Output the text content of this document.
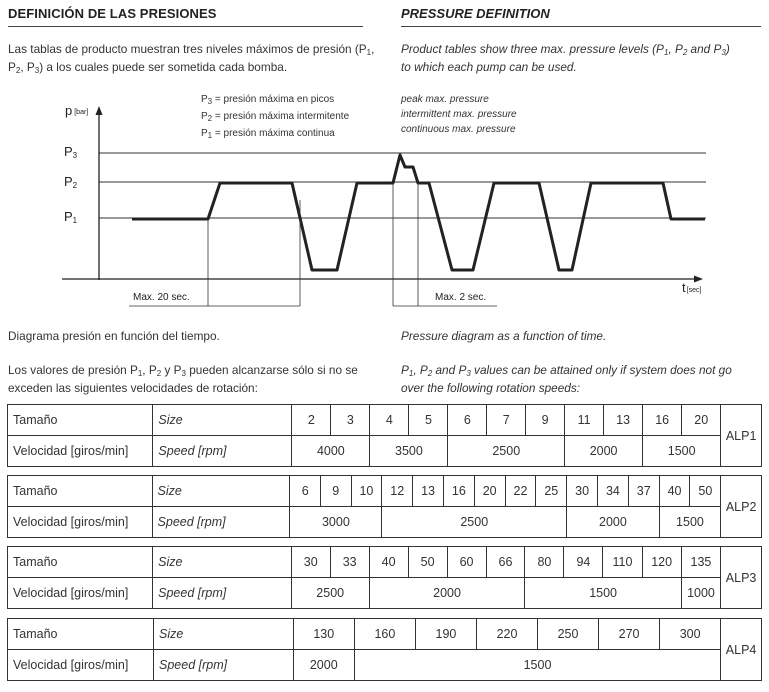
DEFINICIÓN DE LAS PRESIONES	PRESSURE DEFINITION
Las tablas de producto muestran tres niveles máximos de presión ($P_1$,
$P_2$, $P_3$) a los cuales puede ser sometida cada bomba.
Product tables show three max. pressure levels ($P_1$, $P_2$ and $P_3$)
to which each pump can be used.
$P_3$ = presión máxima en picos
$P_2$ = presión máxima intermitente
$P_1$ = presión máxima continua
peak max. pressure
intermittent max. pressure
continuous max. pressure
p [bar]
$P_3$
$P_2$
$P_1$
t[sec]
Max. 20 sec.	Max. 2 sec.
Diagrama presión en función del tiempo.	Pressure diagram as a function of time.
Los valores de presión $P_1$, $P_2$ y $P_3$ pueden alcanzarse sólo si no se
exceden las siguientes velocidades de rotación:
$P_1$, $P_2$ and $P_3$ values can be attained only if system does not go
over the following rotation speeds:
Tamaño	Size	2	3	4	5	6	7	9	11	13	16	20	ALP1
Velocidad [giros/min]	Speed [rpm]	4000		3500		2500			2000		1500		
Tamaño	Size	6	9	10	12	13	16	20	22	25	30	34	37	40	50	ALP2
Velocidad [giros/min]	Speed [rpm]	3000			2500						2000			1500		
Tamaño	Size	30	33	40	50	60	66	80	94	110	120	135	ALP3
Velocidad [giros/min]	Speed [rpm]	2500		2000				1500				1000	
Tamaño	Size	130	160	190	220	250	270	300	ALP4
Velocidad [giros/min]	Speed [rpm]	2000	1500						
